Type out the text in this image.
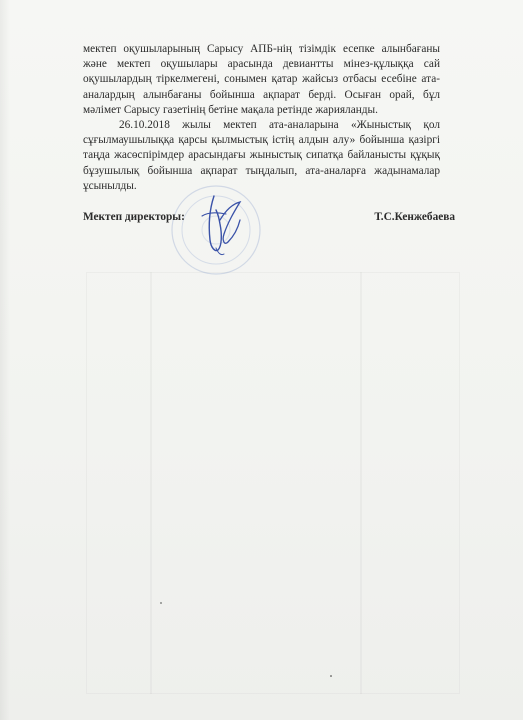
мектеп оқушыларының Сарысу АПБ-нің тізімдік есепке алынбағаны және мектеп оқушылары арасында девиантты мінез-құлыққа сай оқушылардың тіркелмегені, сонымен қатар жайсыз отбасы есебіне ата-аналардың алынбағаны бойынша ақпарат берді. Осыған орай, бұл мәлімет Сарысу газетінің бетіне мақала ретінде жарияланды.

26.10.2018 жылы мектеп ата-аналарына «Жыныстық қол сұғылмаушылыққа қарсы қылмыстық істің алдын алу» бойынша қазіргі таңда жасөспірімдер арасындағы жыныстық сипатқа байланысты құқық бұзушылық бойынша ақпарат тыңдалып, ата-аналарға жадынамалар ұсынылды.

Мектеп директоры:	Т.С.Кенжебаева
